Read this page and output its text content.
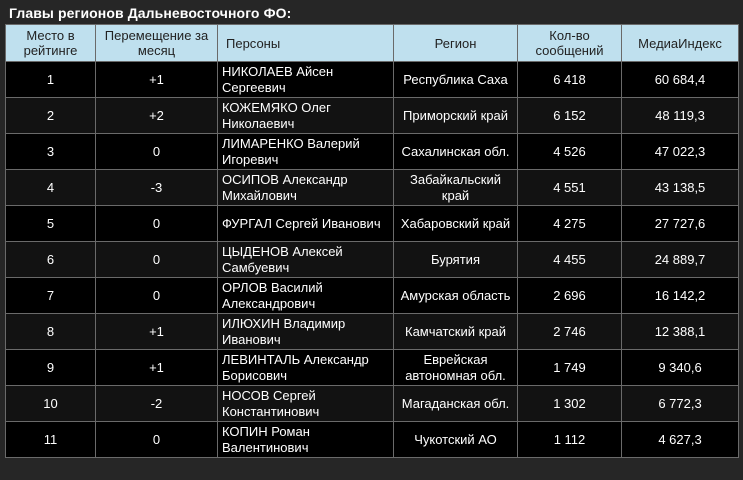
Главы регионов Дальневосточного ФО:
Место в рейтинге	Перемещение за месяц	Персоны	Регион	Кол-во сообщений	МедиаИндекс
1	+1	НИКОЛАЕВ Айсен Сергеевич	Республика Саха	6 418	60 684,4
2	+2	КОЖЕМЯКО Олег Николаевич	Приморский край	6 152	48 119,3
3	0	ЛИМАРЕНКО Валерий Игоревич	Сахалинская обл.	4 526	47 022,3
4	-3	ОСИПОВ Александр Михайлович	Забайкальский край	4 551	43 138,5
5	0	ФУРГАЛ Сергей Иванович	Хабаровский край	4 275	27 727,6
6	0	ЦЫДЕНОВ Алексей Самбуевич	Бурятия	4 455	24 889,7
7	0	ОРЛОВ Василий Александрович	Амурская область	2 696	16 142,2
8	+1	ИЛЮХИН Владимир Иванович	Камчатский край	2 746	12 388,1
9	+1	ЛЕВИНТАЛЬ Александр Борисович	Еврейская автономная обл.	1 749	9 340,6
10	-2	НОСОВ Сергей Константинович	Магаданская обл.	1 302	6 772,3
11	0	КОПИН Роман Валентинович	Чукотский АО	1 112	4 627,3
